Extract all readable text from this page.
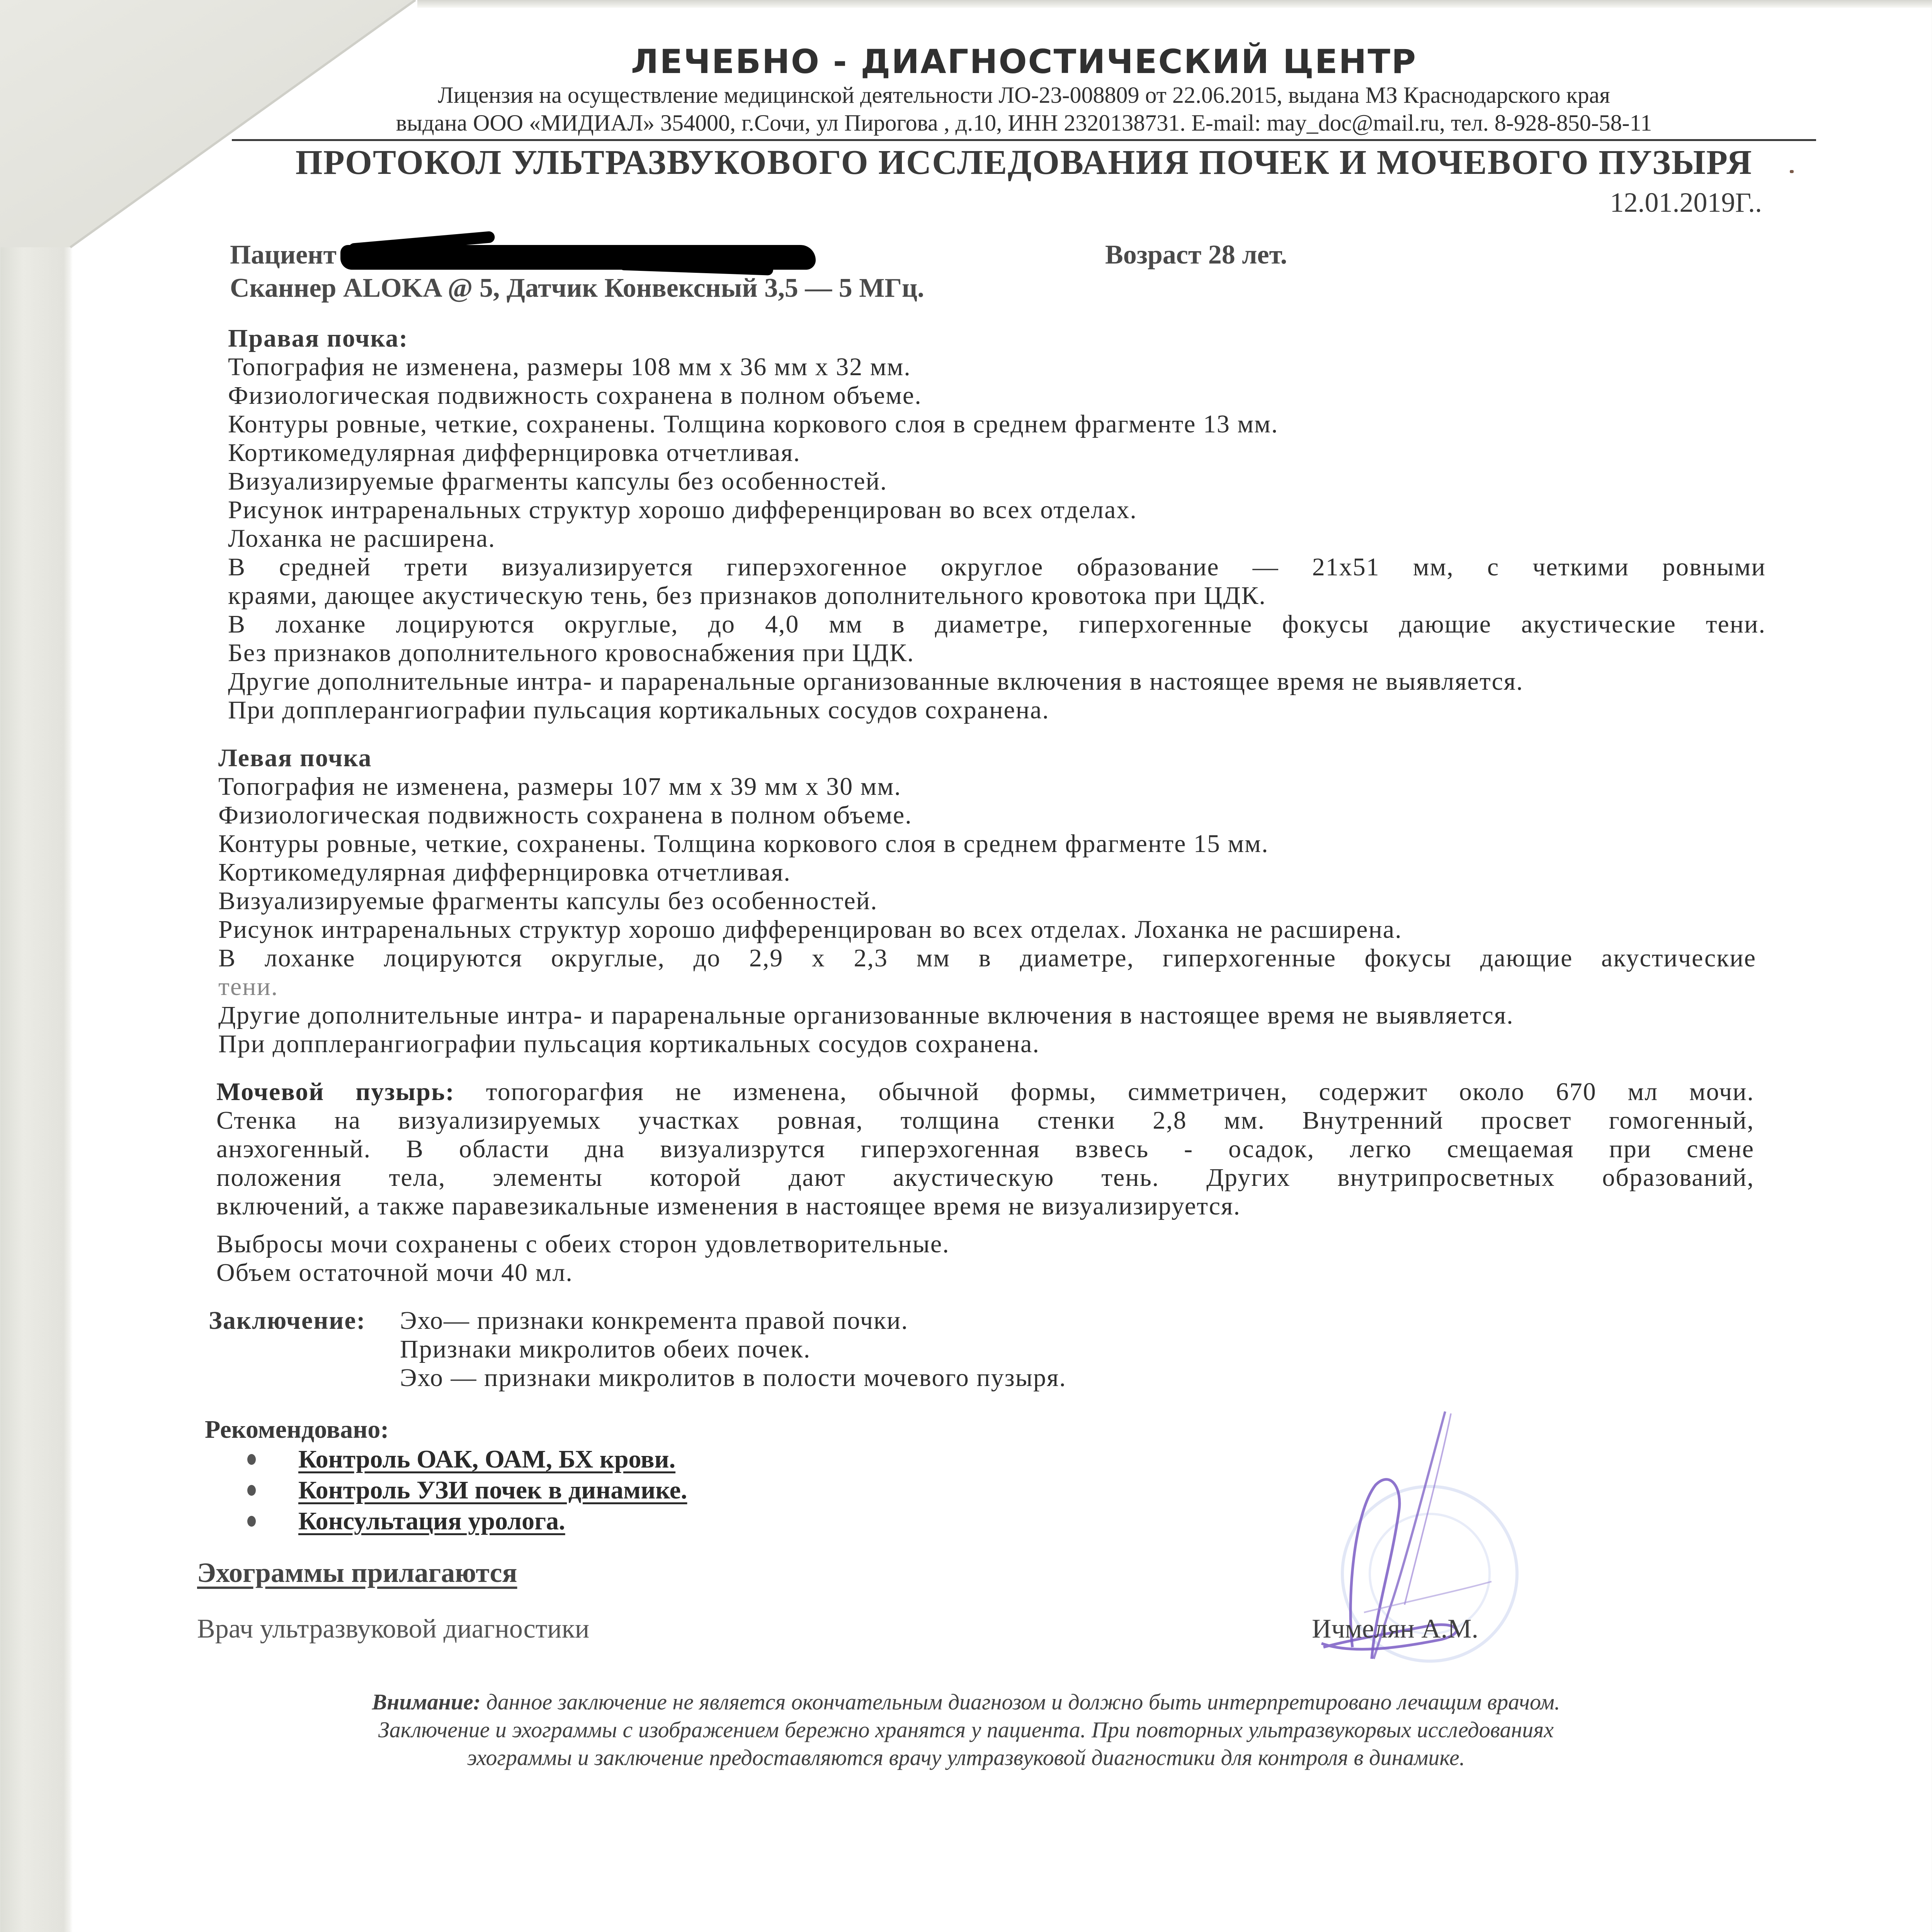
ЛЕЧЕБНО - ДИАГНОСТИЧЕСКИЙ ЦЕНТР
Лицензия на осуществление медицинской деятельности ЛО-23-008809 от 22.06.2015, выдана МЗ Краснодарского края
выдана ООО «МИДИАЛ» 354000, г.Сочи, ул Пирогова , д.10, ИНН 2320138731. E-mail: may_doc@mail.ru, тел. 8-928-850-58-11
ПРОТОКОЛ УЛЬТРАЗВУКОВОГО ИССЛЕДОВАНИЯ ПОЧЕК И МОЧЕВОГО ПУЗЫРЯ
12.01.2019Г..
Пациент	Возраст 28 лет.
Сканнер ALOKA @ 5, Датчик Конвексный 3,5 — 5 МГц.
Правая почка:
Топография не изменена, размеры 108 мм х 36 мм х 32 мм.
Физиологическая подвижность сохранена в полном объеме.
Контуры ровные, четкие, сохранены. Толщина коркового слоя в среднем фрагменте 13 мм.
Кортикомедулярная диффернцировка отчетливая.
Визуализируемые фрагменты капсулы без особенностей.
Рисунок интраренальных структур хорошо дифференцирован во всех отделах.
Лоханка не расширена.
В средней трети визуализируется гиперэхогенное округлое образование — 21х51 мм, с четкими ровными
краями, дающее акустическую тень, без признаков дополнительного кровотока при ЦДК.
В лоханке лоцируются округлые, до 4,0 мм в диаметре, гиперхогенные фокусы дающие акустические тени.
Без признаков дополнительного кровоснабжения при ЦДК.
Другие дополнительные интра- и параренальные организованные включения в настоящее время не выявляется.
При допплерангиографии пульсация кортикальных сосудов сохранена.
Левая почка
Топография не изменена, размеры 107 мм х 39 мм х 30 мм.
Физиологическая подвижность сохранена в полном объеме.
Контуры ровные, четкие, сохранены. Толщина коркового слоя в среднем фрагменте 15 мм.
Кортикомедулярная диффернцировка отчетливая.
Визуализируемые фрагменты капсулы без особенностей.
Рисунок интраренальных структур хорошо дифференцирован во всех отделах. Лоханка не расширена.
В лоханке лоцируются округлые, до 2,9 х 2,3 мм в диаметре, гиперхогенные фокусы дающие акустические
тени.
Другие дополнительные интра- и параренальные организованные включения в настоящее время не выявляется.
При допплерангиографии пульсация кортикальных сосудов сохранена.
Мочевой пузырь: топогорагфия не изменена, обычной формы, симметричен, содержит около 670 мл мочи.
Стенка на визуализируемых участках ровная, толщина стенки 2,8 мм. Внутренний просвет гомогенный,
анэхогенный. В области дна визуализрутся гиперэхогенная взвесь - осадок, легко смещаемая при смене
положения тела, элементы которой дают акустическую тень. Других внутрипросветных образований,
включений, а также паравезикальные изменения в настоящее время не визуализируется.
Выбросы мочи сохранены с обеих сторон удовлетворительные.
Объем остаточной мочи 40 мл.
Заключение:	Эхо— признаки конкремента правой почки.
Признаки микролитов обеих почек.
Эхо — признаки микролитов в полости мочевого пузыря.
Рекомендовано:
Контроль ОАК, ОАМ, БХ крови.
Контроль УЗИ почек в динамике.
Консультация уролога.
Эхограммы прилагаются
Врач ультразвуковой диагностики	Ичмелян А.М.
Внимание: данное заключение не является окончательным диагнозом и должно быть интерпретировано лечащим врачом.
Заключение и эхограммы с изображением бережно хранятся у пациента. При повторных ультразвукорвых исследованиях
эхограммы и заключение предоставляются врачу ултразвуковой диагностики для контроля в динамике.
